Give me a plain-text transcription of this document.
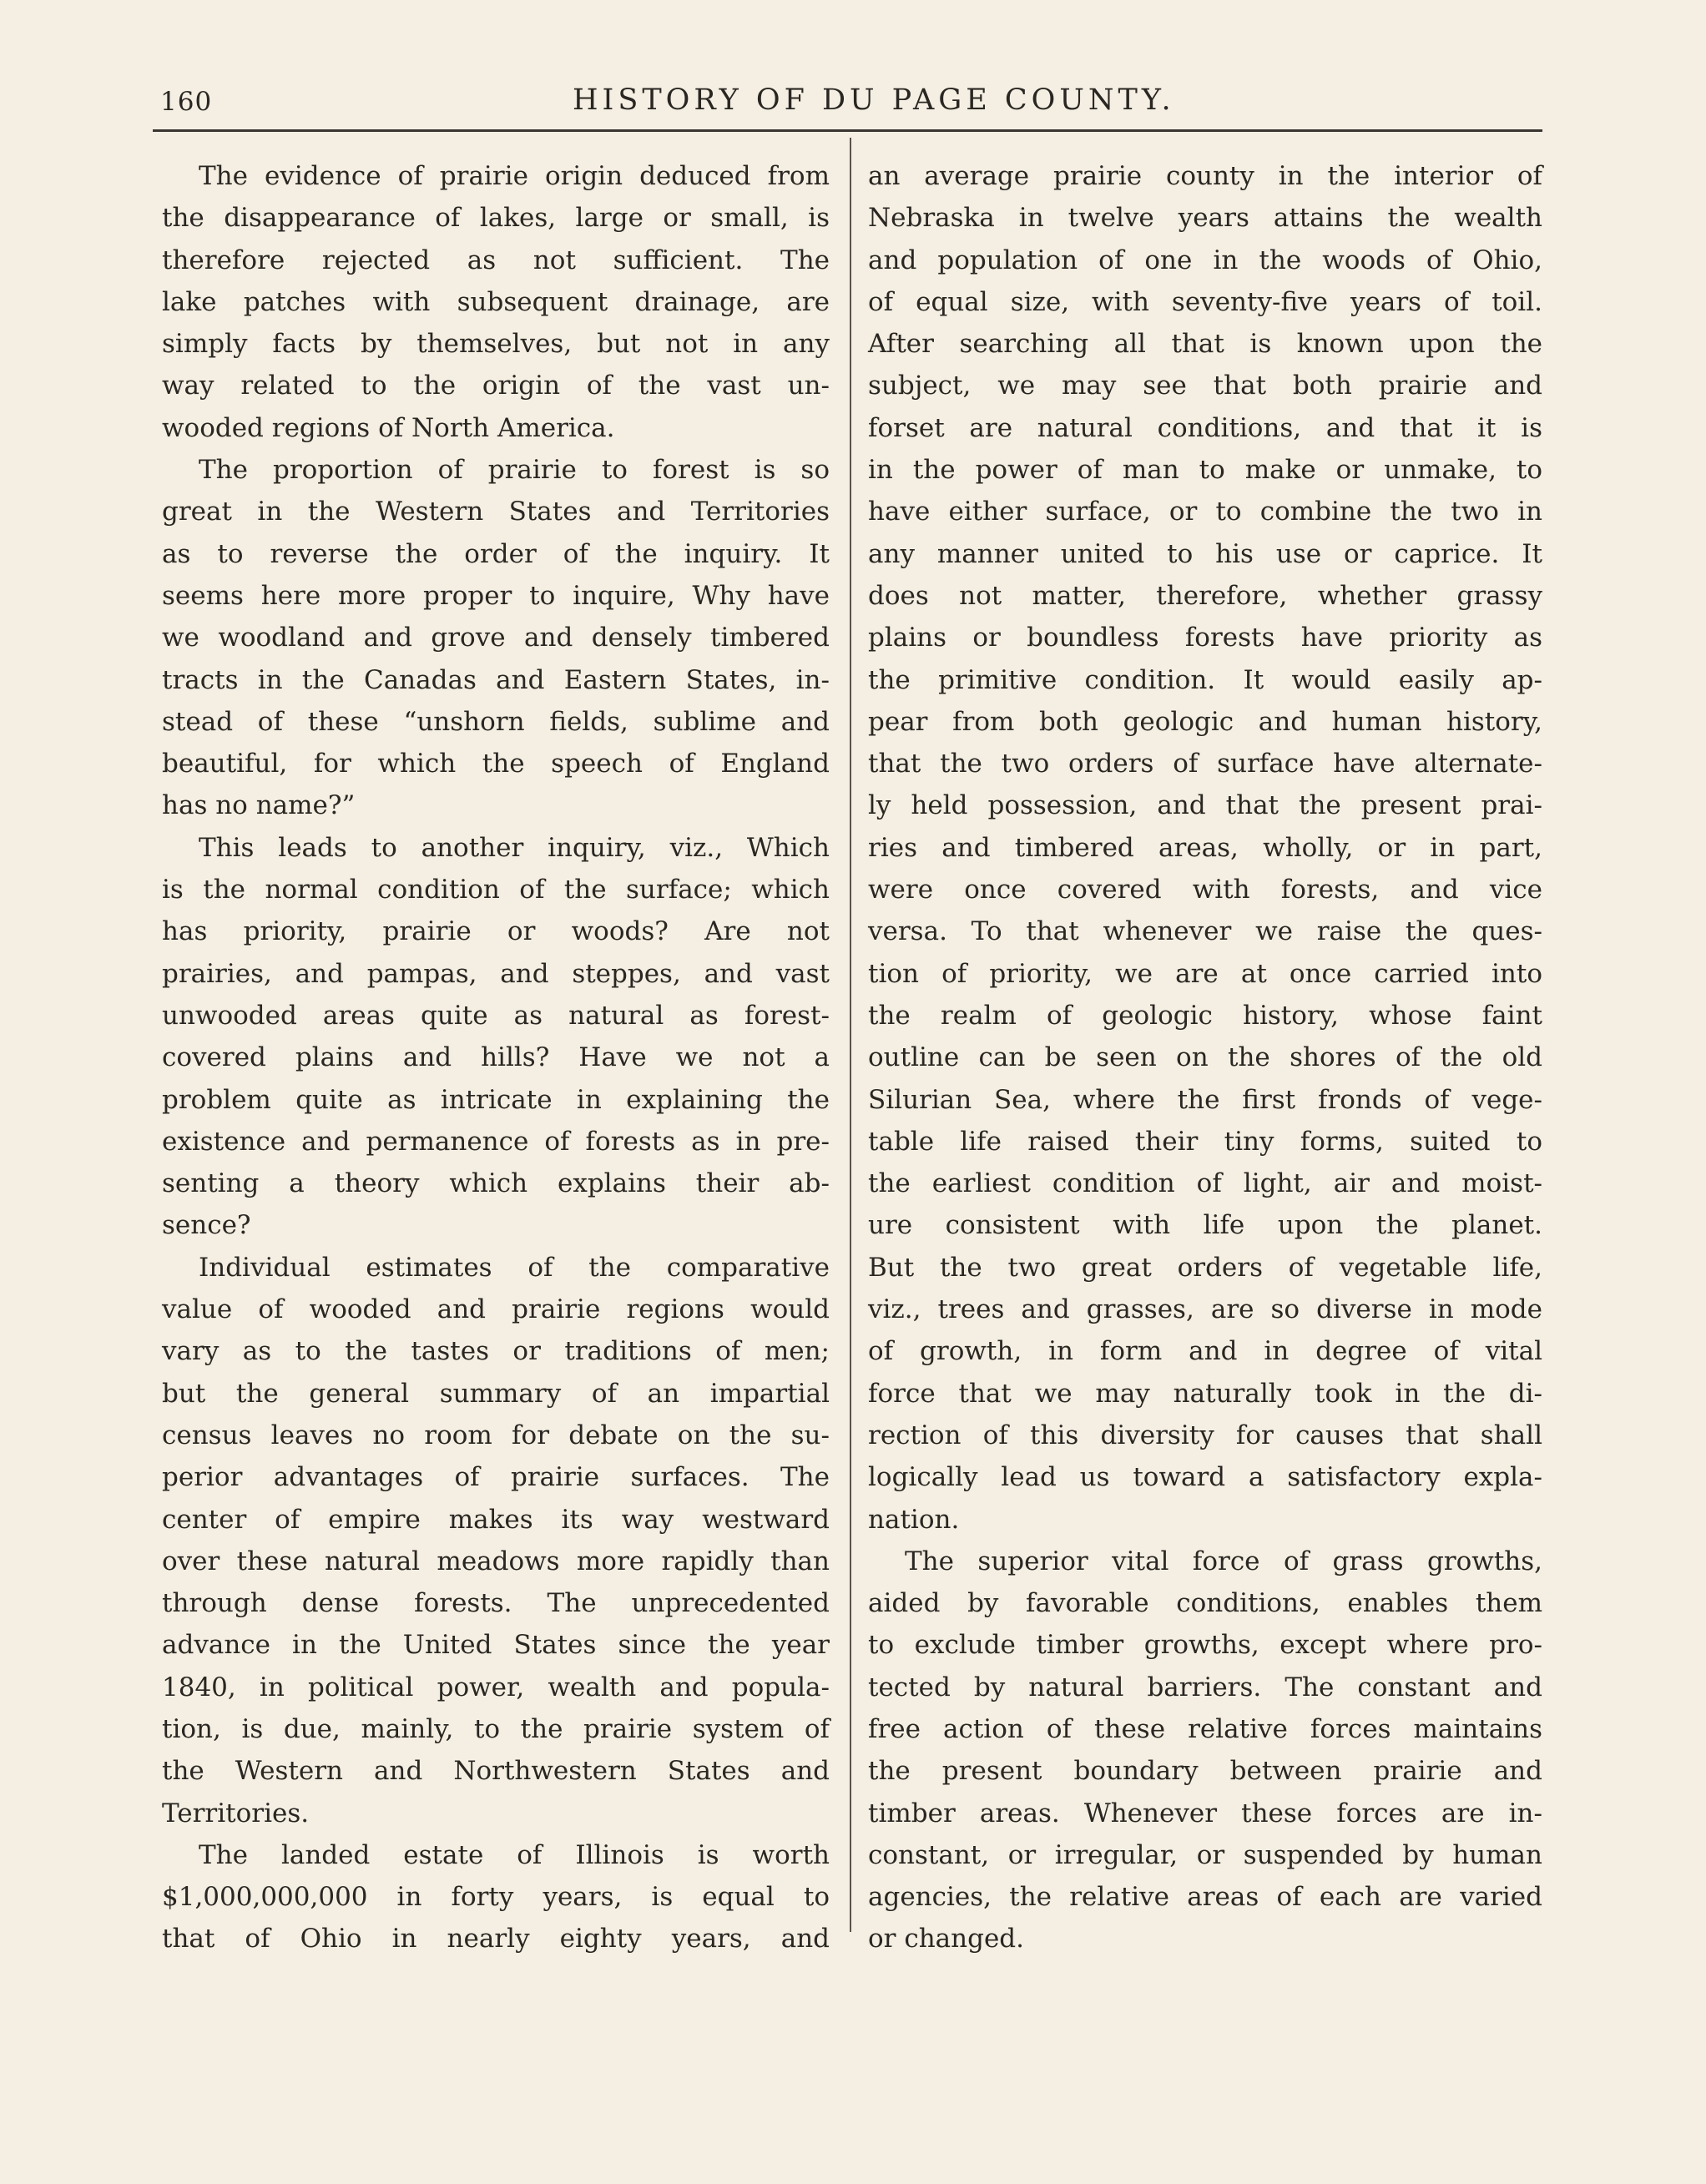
160	HISTORY OF DU PAGE COUNTY.
The evidence of prairie origin deduced from
the disappearance of lakes, large or small, is
therefore rejected as not sufficient. The
lake patches with subsequent drainage, are
simply facts by themselves, but not in any
way related to the origin of the vast un-
wooded regions of North America.
The proportion of prairie to forest is so
great in the Western States and Territories
as to reverse the order of the inquiry. It
seems here more proper to inquire, Why have
we woodland and grove and densely timbered
tracts in the Canadas and Eastern States, in-
stead of these “unshorn fields, sublime and
beautiful, for which the speech of England
has no name?”
This leads to another inquiry, viz., Which
is the normal condition of the surface; which
has priority, prairie or woods? Are not
prairies, and pampas, and steppes, and vast
unwooded areas quite as natural as forest-
covered plains and hills? Have we not a
problem quite as intricate in explaining the
existence and permanence of forests as in pre-
senting a theory which explains their ab-
sence?
Individual estimates of the comparative
value of wooded and prairie regions would
vary as to the tastes or traditions of men;
but the general summary of an impartial
census leaves no room for debate on the su-
perior advantages of prairie surfaces. The
center of empire makes its way westward
over these natural meadows more rapidly than
through dense forests. The unprecedented
advance in the United States since the year
1840, in political power, wealth and popula-
tion, is due, mainly, to the prairie system of
the Western and Northwestern States and
Territories.
The landed estate of Illinois is worth
$1,000,000,000 in forty years, is equal to
that of Ohio in nearly eighty years, and
an average prairie county in the interior of
Nebraska in twelve years attains the wealth
and population of one in the woods of Ohio,
of equal size, with seventy-five years of toil.
After searching all that is known upon the
subject, we may see that both prairie and
forset are natural conditions, and that it is
in the power of man to make or unmake, to
have either surface, or to combine the two in
any manner united to his use or caprice. It
does not matter, therefore, whether grassy
plains or boundless forests have priority as
the primitive condition. It would easily ap-
pear from both geologic and human history,
that the two orders of surface have alternate-
ly held possession, and that the present prai-
ries and timbered areas, wholly, or in part,
were once covered with forests, and vice
versa. To that whenever we raise the ques-
tion of priority, we are at once carried into
the realm of geologic history, whose faint
outline can be seen on the shores of the old
Silurian Sea, where the first fronds of vege-
table life raised their tiny forms, suited to
the earliest condition of light, air and moist-
ure consistent with life upon the planet.
But the two great orders of vegetable life,
viz., trees and grasses, are so diverse in mode
of growth, in form and in degree of vital
force that we may naturally took in the di-
rection of this diversity for causes that shall
logically lead us toward a satisfactory expla-
nation.
The superior vital force of grass growths,
aided by favorable conditions, enables them
to exclude timber growths, except where pro-
tected by natural barriers. The constant and
free action of these relative forces maintains
the present boundary between prairie and
timber areas. Whenever these forces are in-
constant, or irregular, or suspended by human
agencies, the relative areas of each are varied
or changed.
